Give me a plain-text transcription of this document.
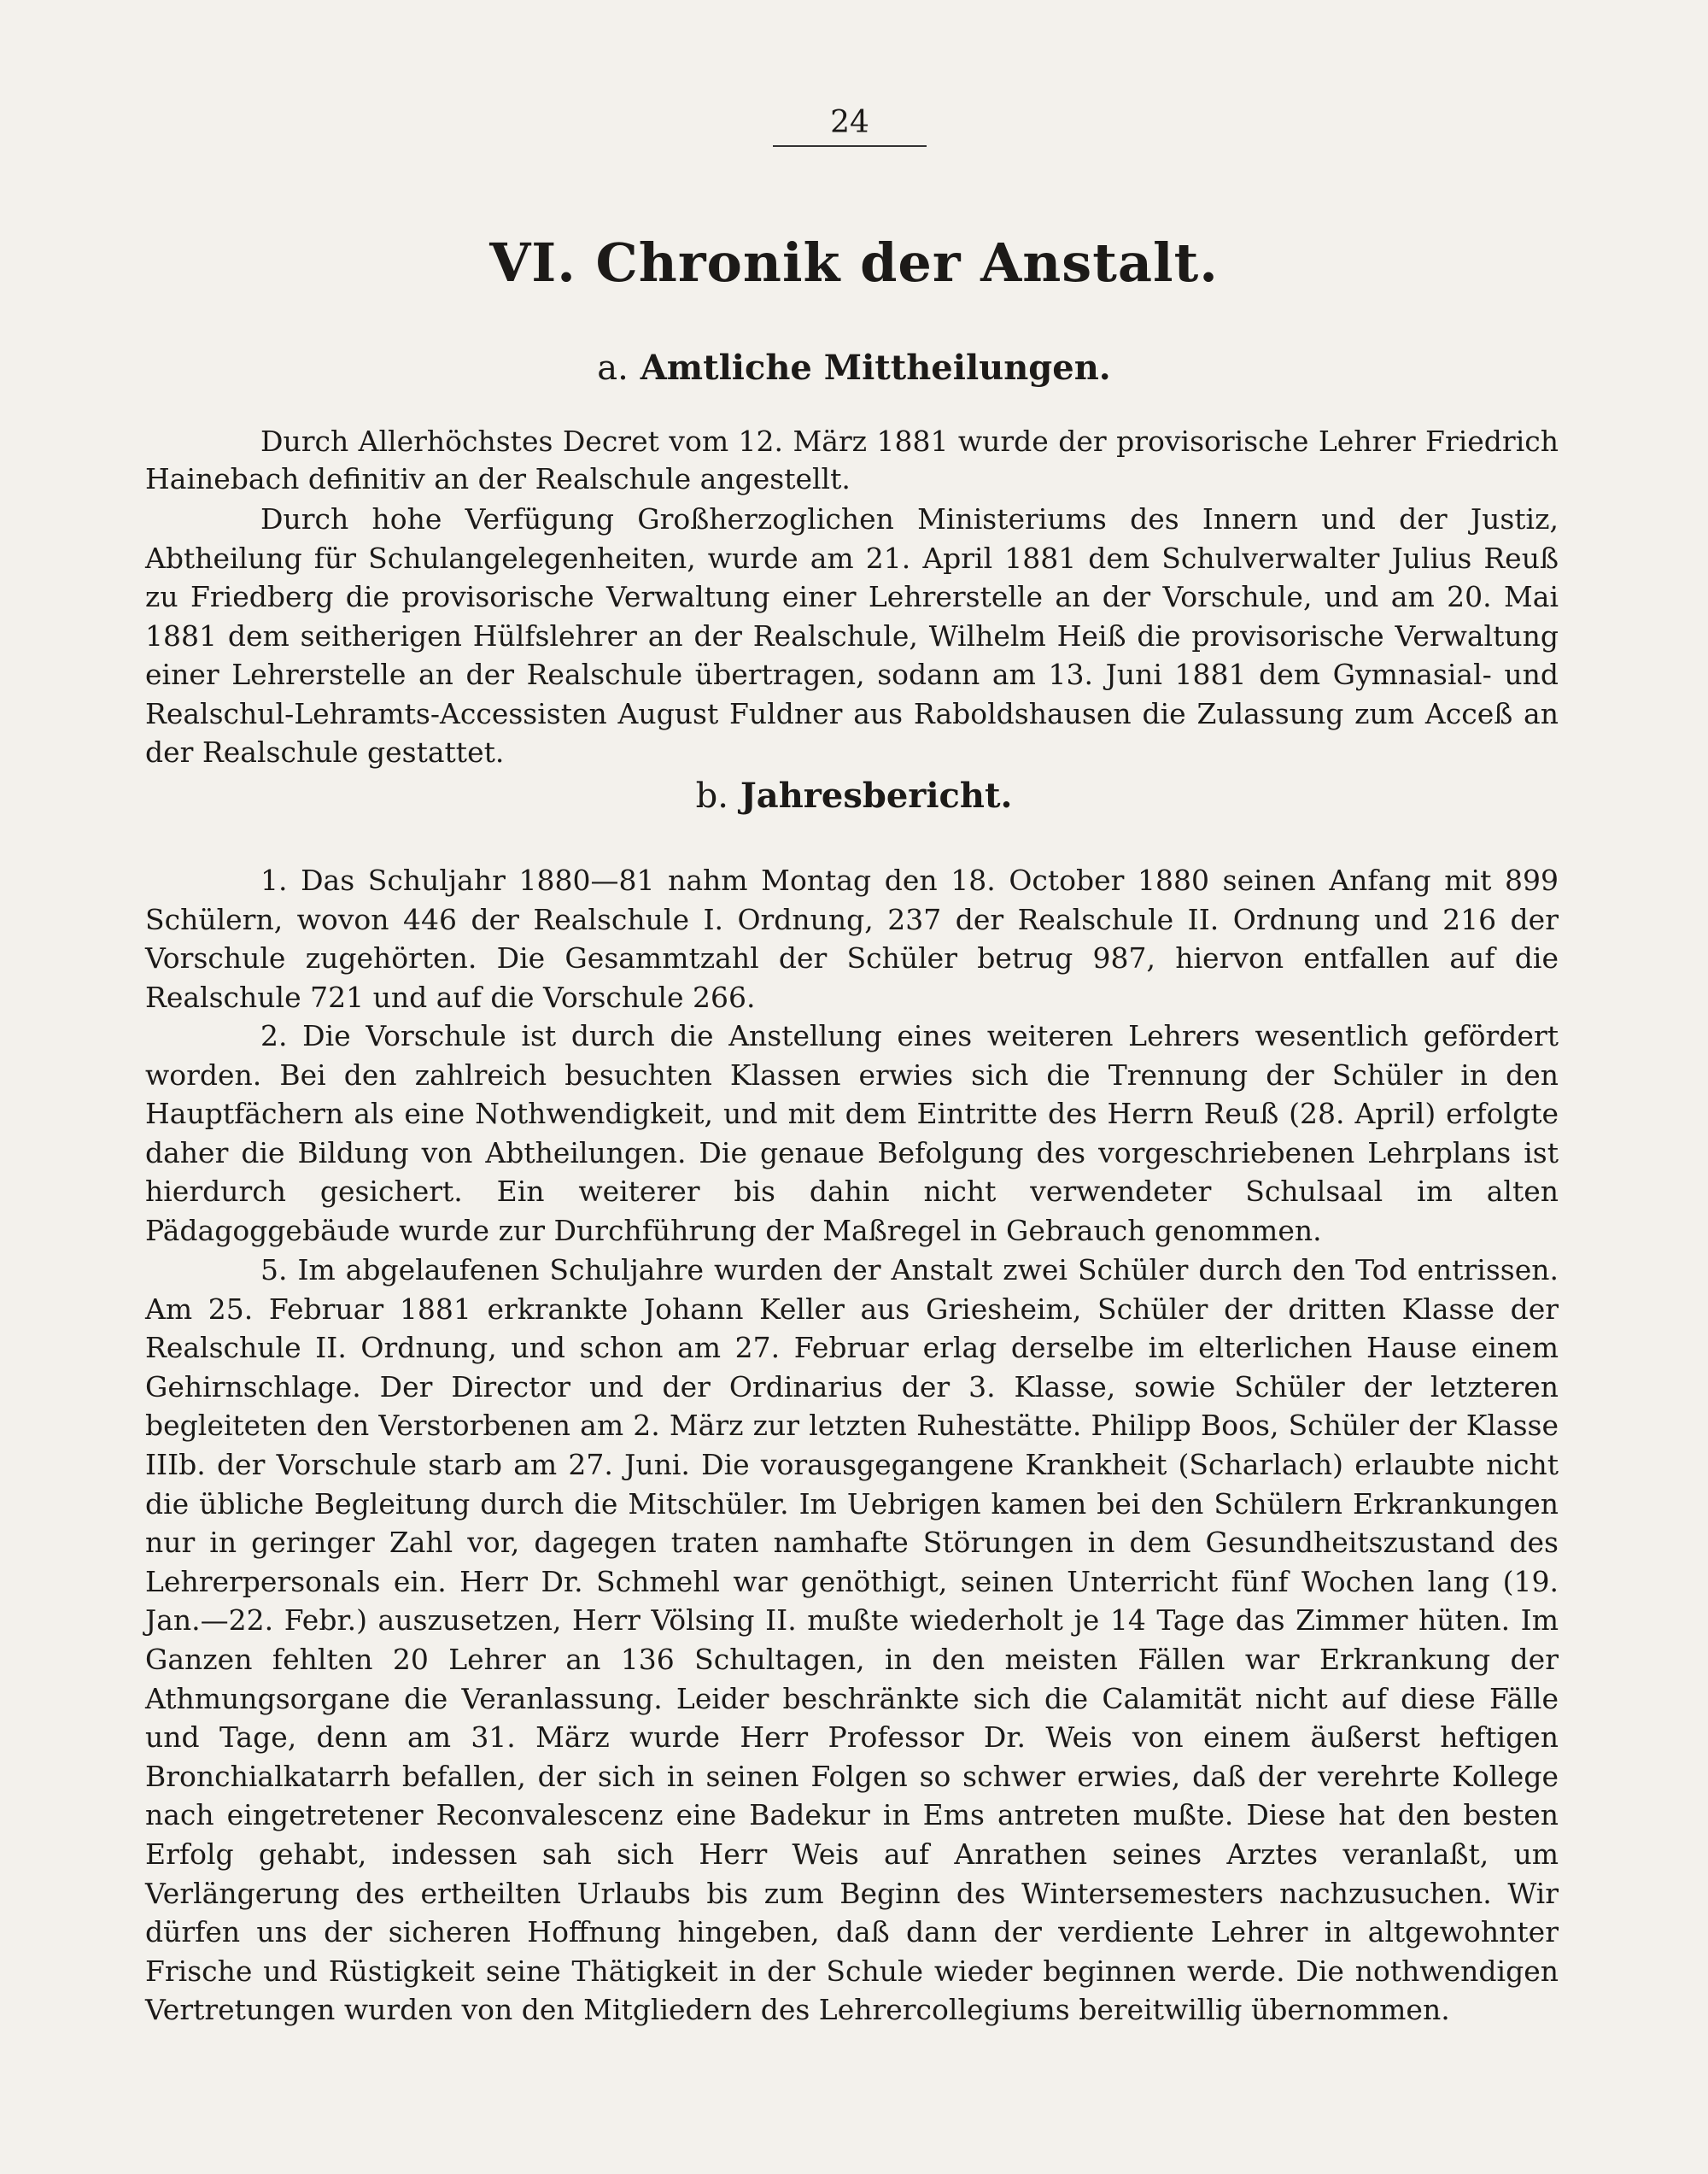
24
VI. Chronik der Anstalt.
a. Amtliche Mittheilungen.

Durch Allerhöchstes Decret vom 12. März 1881 wurde der provisorische Lehrer Friedrich Hainebach definitiv an der Realschule angestellt.

Durch hohe Verfügung Großherzoglichen Ministeriums des Innern und der Justiz, Abtheilung für Schulangelegenheiten, wurde am 21. April 1881 dem Schulverwalter Julius Reuß zu Friedberg die provisorische Verwaltung einer Lehrerstelle an der Vorschule, und am 20. Mai 1881 dem seitherigen Hülfslehrer an der Realschule, Wilhelm Heiß die provisorische Verwaltung einer Lehrerstelle an der Realschule übertragen, sodann am 13. Juni 1881 dem Gymnasial- und Realschul-Lehramts-Accessisten August Fuldner aus Raboldshausen die Zulassung zum Acceß an der Realschule gestattet.

b. Jahresbericht.

1. Das Schuljahr 1880—81 nahm Montag den 18. October 1880 seinen Anfang mit 899 Schülern, wovon 446 der Realschule I. Ordnung, 237 der Realschule II. Ordnung und 216 der Vorschule zugehörten. Die Gesammtzahl der Schüler betrug 987, hiervon entfallen auf die Realschule 721 und auf die Vorschule 266.

2. Die Vorschule ist durch die Anstellung eines weiteren Lehrers wesentlich gefördert worden. Bei den zahlreich besuchten Klassen erwies sich die Trennung der Schüler in den Hauptfächern als eine Nothwendigkeit, und mit dem Eintritte des Herrn Reuß (28. April) erfolgte daher die Bildung von Abtheilungen. Die genaue Befolgung des vorgeschriebenen Lehrplans ist hierdurch gesichert. Ein weiterer bis dahin nicht verwendeter Schulsaal im alten Pädagoggebäude wurde zur Durchführung der Maßregel in Gebrauch genommen.

5. Im abgelaufenen Schuljahre wurden der Anstalt zwei Schüler durch den Tod entrissen. Am 25. Februar 1881 erkrankte Johann Keller aus Griesheim, Schüler der dritten Klasse der Realschule II. Ordnung, und schon am 27. Februar erlag derselbe im elterlichen Hause einem Gehirnschlage. Der Director und der Ordinarius der 3. Klasse, sowie Schüler der letzteren begleiteten den Verstorbenen am 2. März zur letzten Ruhestätte. Philipp Boos, Schüler der Klasse IIIb. der Vorschule starb am 27. Juni. Die vorausgegangene Krankheit (Scharlach) erlaubte nicht die übliche Begleitung durch die Mitschüler. Im Uebrigen kamen bei den Schülern Erkrankungen nur in geringer Zahl vor, dagegen traten namhafte Störungen in dem Gesundheitszustand des Lehrerpersonals ein. Herr Dr. Schmehl war genöthigt, seinen Unterricht fünf Wochen lang (19. Jan.—22. Febr.) auszusetzen, Herr Völsing II. mußte wiederholt je 14 Tage das Zimmer hüten. Im Ganzen fehlten 20 Lehrer an 136 Schultagen, in den meisten Fällen war Erkrankung der Athmungsorgane die Veranlassung. Leider beschränkte sich die Calamität nicht auf diese Fälle und Tage, denn am 31. März wurde Herr Professor Dr. Weis von einem äußerst heftigen Bronchialkatarrh befallen, der sich in seinen Folgen so schwer erwies, daß der verehrte Kollege nach eingetretener Reconvalescenz eine Badekur in Ems antreten mußte. Diese hat den besten Erfolg gehabt, indessen sah sich Herr Weis auf Anrathen seines Arztes veranlaßt, um Verlängerung des ertheilten Urlaubs bis zum Beginn des Wintersemesters nachzusuchen. Wir dürfen uns der sicheren Hoffnung hingeben, daß dann der verdiente Lehrer in altgewohnter Frische und Rüstigkeit seine Thätigkeit in der Schule wieder beginnen werde. Die nothwendigen Vertretungen wurden von den Mitgliedern des Lehrercollegiums bereitwillig übernommen.
